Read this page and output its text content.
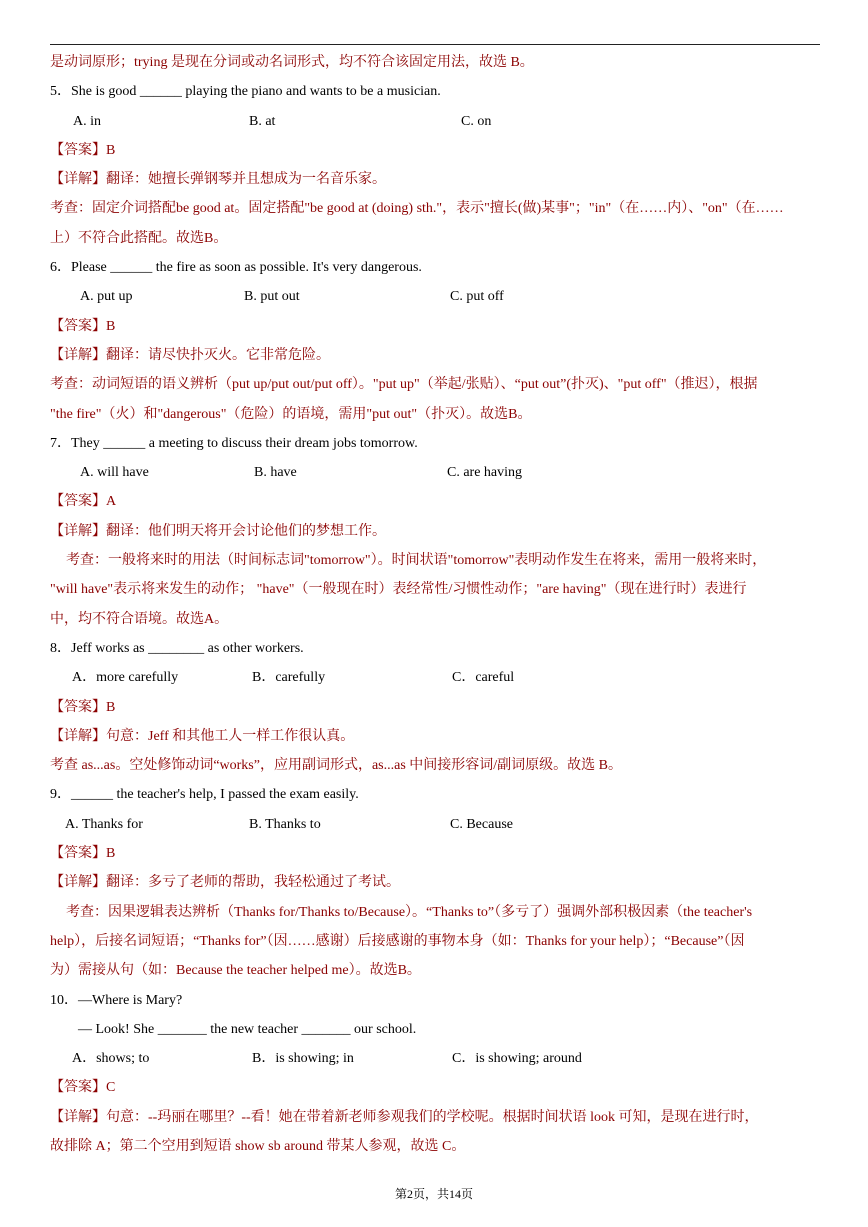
是动词原形；trying 是现在分词或动名词形式，均不符合该固定用法，故选 B。
5．She is good ______ playing the piano and wants to be a musician.
A. in	B. at	C. on
【答案】B
【详解】翻译：她擅长弹钢琴并且想成为一名音乐家。
考查：固定介词搭配be good at。固定搭配"be good at (doing) sth."，表示"擅长(做)某事"；"in"（在……内）、"on"（在……
上）不符合此搭配。故选B。
6．Please ______ the fire as soon as possible. It's very dangerous.
A. put up	B. put out	C. put off
【答案】B
【详解】翻译：请尽快扑灭火。它非常危险。
考查：动词短语的语义辨析（put up/put out/put off）。"put up"（举起/张贴）、“put out”(扑灭)、"put off"（推迟），根据
"the fire"（火）和"dangerous"（危险）的语境，需用"put out"（扑灭）。故选B。
7．They ______ a meeting to discuss their dream jobs tomorrow.
A. will have	B. have	C. are having
【答案】A
【详解】翻译：他们明天将开会讨论他们的梦想工作。
考查：一般将来时的用法（时间标志词"tomorrow"）。时间状语"tomorrow"表明动作发生在将来，需用一般将来时，
"will have"表示将来发生的动作； "have"（一般现在时）表经常性/习惯性动作；"are having"（现在进行时）表进行
中，均不符合语境。故选A。
8．Jeff works as ________ as other workers.
A．more carefully	B．carefully	C．careful
【答案】B
【详解】句意：Jeff 和其他工人一样工作很认真。
考查 as...as。空处修饰动词“works”，应用副词形式，as...as 中间接形容词/副词原级。故选 B。
9．______ the teacher's help, I passed the exam easily.
A. Thanks for	B. Thanks to	C. Because
【答案】B
【详解】翻译：多亏了老师的帮助，我轻松通过了考试。
考查：因果逻辑表达辨析（Thanks for/Thanks to/Because）。“Thanks to”（多亏了）强调外部积极因素（the teacher's
help），后接名词短语；“Thanks for”（因……感谢）后接感谢的事物本身（如：Thanks for your help）；“Because”（因
为）需接从句（如：Because the teacher helped me）。故选B。
10．—Where is Mary?
— Look! She _______ the new teacher _______ our school.
A．shows; to	B．is showing; in	C．is showing; around
【答案】C
【详解】句意：--玛丽在哪里？--看！她在带着新老师参观我们的学校呢。根据时间状语 look 可知，是现在进行时，
故排除 A；第二个空用到短语 show sb around 带某人参观，故选 C。
第2页，共14页
